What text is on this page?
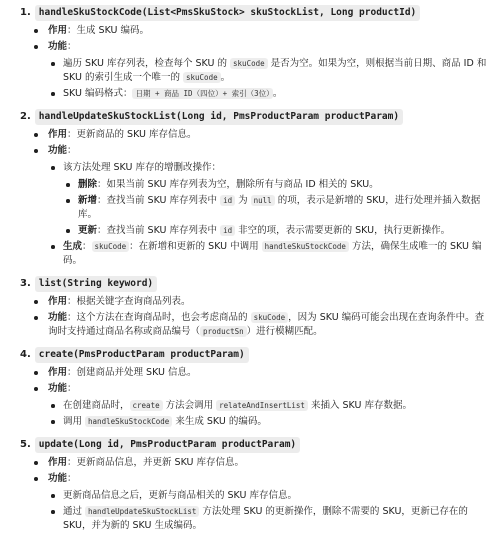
1. handleSkuStockCode(List<PmsSkuStock> skuStockList, Long productId)
作用：生成 SKU 编码。
功能：
遍历 SKU 库存列表，检查每个 SKU 的 skuCode 是否为空。如果为空，则根据当前日期、商品 ID 和 SKU 的索引生成一个唯一的 skuCode 。
SKU 编码格式： 日期 + 商品 ID（四位）+ 索引（3位） 。
2. handleUpdateSkuStockList(Long id, PmsProductParam productParam)
作用：更新商品的 SKU 库存信息。
功能：
该方法处理 SKU 库存的增删改操作：
删除：如果当前 SKU 库存列表为空，删除所有与商品 ID 相关的 SKU。
新增：查找当前 SKU 库存列表中 id 为 null 的项，表示是新增的 SKU，进行处理并插入数据库。
更新：查找当前 SKU 库存列表中 id 非空的项，表示需要更新的 SKU，执行更新操作。
生成： skuCode ：在新增和更新的 SKU 中调用 handleSkuStockCode 方法，确保生成唯一的 SKU 编码。
3. list(String keyword)
作用：根据关键字查询商品列表。
功能：这个方法在查询商品时，也会考虑商品的 skuCode ，因为 SKU 编码可能会出现在查询条件中。查询时支持通过商品名称或商品编号（ productSn ）进行模糊匹配。
4. create(PmsProductParam productParam)
作用：创建商品并处理 SKU 信息。
功能：
在创建商品时， create 方法会调用 relateAndInsertList 来插入 SKU 库存数据。
调用 handleSkuStockCode 来生成 SKU 的编码。
5. update(Long id, PmsProductParam productParam)
作用：更新商品信息，并更新 SKU 库存信息。
功能：
更新商品信息之后，更新与商品相关的 SKU 库存信息。
通过 handleUpdateSkuStockList 方法处理 SKU 的更新操作，删除不需要的 SKU，更新已存在的 SKU，并为新的 SKU 生成编码。
